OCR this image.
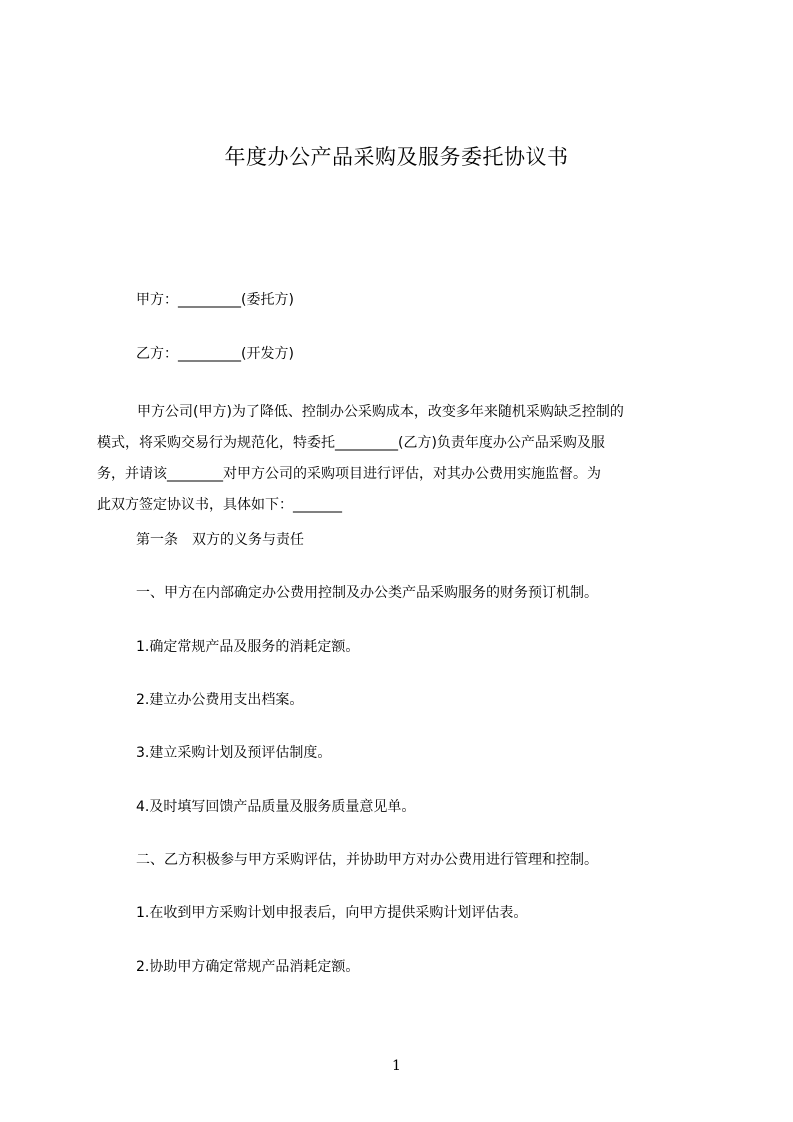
年度办公产品采购及服务委托协议书
甲方：_________(委托方)
乙方：_________(开发方)
甲方公司(甲方)为了降低、控制办公采购成本，改变多年来随机采购缺乏控制的
模式，将采购交易行为规范化，特委托_________(乙方)负责年度办公产品采购及服
务，并请该________对甲方公司的采购项目进行评估，对其办公费用实施监督。为
此双方签定协议书，具体如下：_______
第一条　双方的义务与责任
一、甲方在内部确定办公费用控制及办公类产品采购服务的财务预订机制。
1.确定常规产品及服务的消耗定额。
2.建立办公费用支出档案。
3.建立采购计划及预评估制度。
4.及时填写回馈产品质量及服务质量意见单。
二、乙方积极参与甲方采购评估，并协助甲方对办公费用进行管理和控制。
1.在收到甲方采购计划申报表后，向甲方提供采购计划评估表。
2.协助甲方确定常规产品消耗定额。
1
